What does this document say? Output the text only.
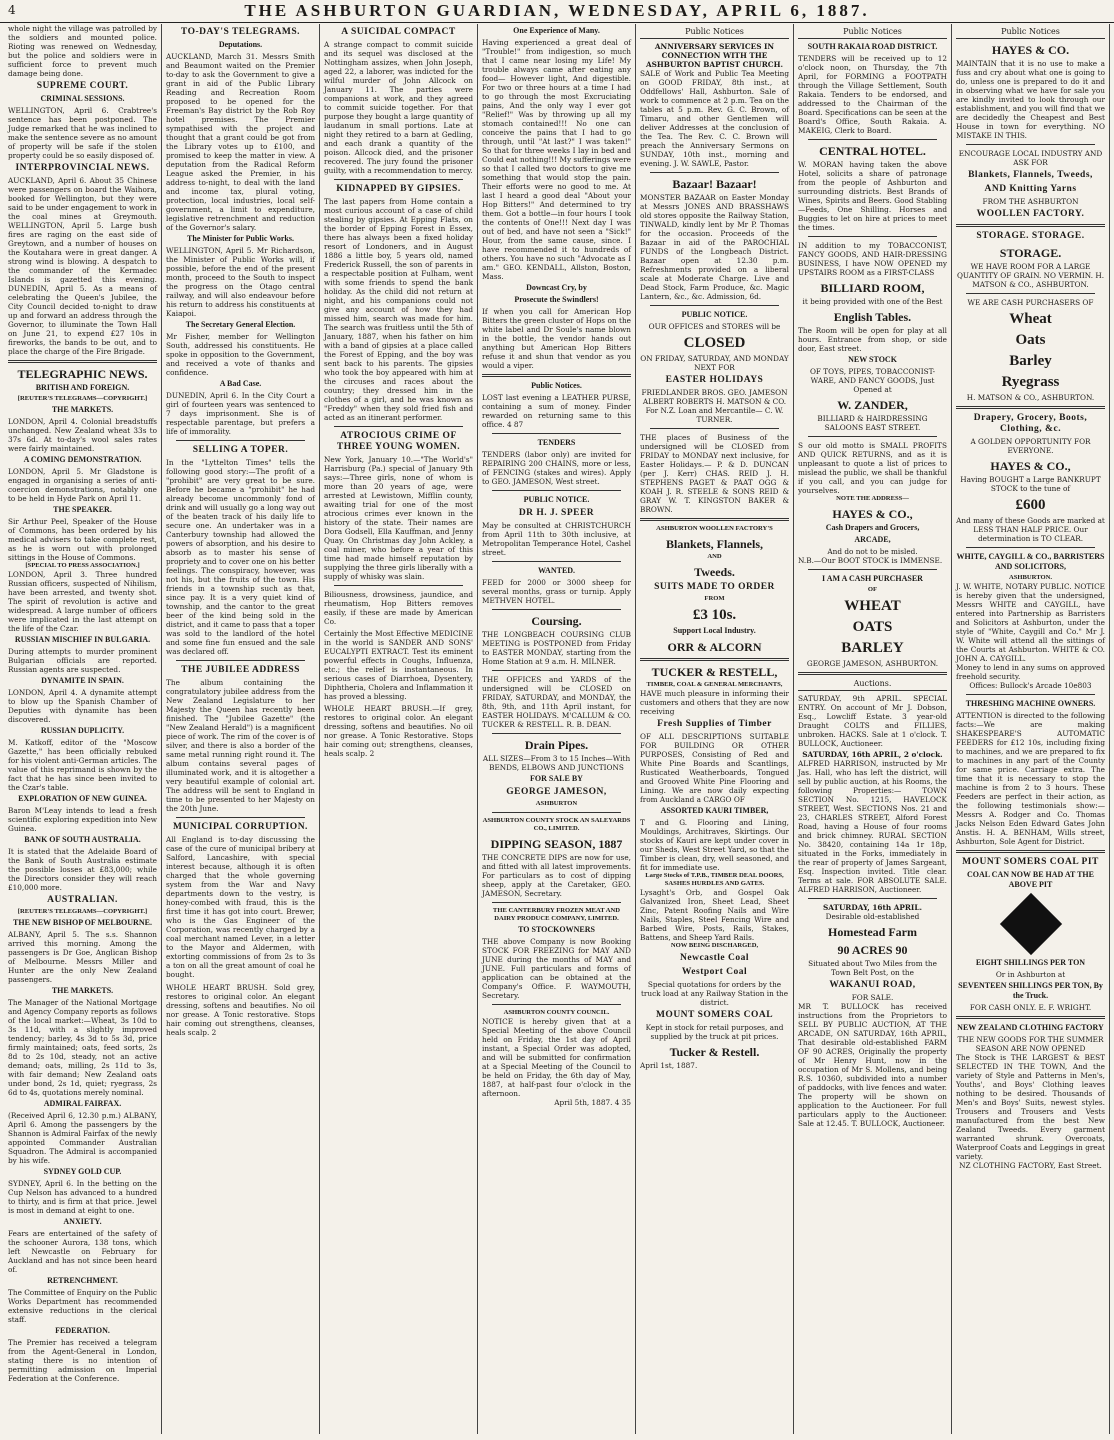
4	THE ASHBURTON GUARDIAN, WEDNESDAY, APRIL 6, 1887.

whole night the village was patrolled by the soldiers and mounted police. Rioting was renewed on Wednesday, but the police and soldiers were in sufficient force to prevent much damage being done.

SUPREME COURT.
CRIMINAL SESSIONS.

WELLINGTON, April 6. Crabtree's sentence has been postponed. The Judge remarked that he was inclined to make the sentence severe as no amount of property will be safe if the stolen property could be so easily disposed of.

INTERPROVINCIAL NEWS.

AUCKLAND, April 6. About 35 Chinese were passengers on board the Waihora, booked for Wellington, but they were said to be under engagement to work in the coal mines at Greymouth. WELLINGTON, April 5. Large bush fires are raging on the east side of Greytown, and a number of houses on the Koutahara were in great danger. A strong wind is blowing. A despatch to the commander of the Kermadec Islands is gazetted this evening. DUNEDIN, April 5. As a means of celebrating the Queen's Jubilee, the City Council decided to-night to draw up and forward an address through the Governor, to illuminate the Town Hall on June 21, to expend £27 10s in fireworks, the bands to be out, and to place the charge of the Fire Brigade.

TELEGRAPHIC NEWS.
BRITISH AND FOREIGN.
[REUTER'S TELEGRAMS—COPYRIGHT.]
THE MARKETS.

LONDON, April 4. Colonial breadstuffs unchanged. New Zealand wheat 33s to 37s 6d. At to-day's wool sales rates were fairly maintained.

A COMING DEMONSTRATION.

LONDON, April 5. Mr Gladstone is engaged in organising a series of anti-coercion demonstrations, notably one to be held in Hyde Park on April 11.

THE SPEAKER.

Sir Arthur Peel, Speaker of the House of Commons, has been ordered by his medical advisers to take complete rest, as he is worn out with prolonged sittings in the House of Commons.

[SPECIAL TO PRESS ASSOCIATION.]

LONDON, April 3. Three hundred Russian officers, suspected of Nihilism, have been arrested, and twenty shot. The spirit of revolution is active and widespread. A large number of officers were implicated in the last attempt on the life of the Czar.

RUSSIAN MISCHIEF IN BULGARIA.

During attempts to murder prominent Bulgarian officials are reported. Russian agents are suspected.

DYNAMITE IN SPAIN.

LONDON, April 4. A dynamite attempt to blow up the Spanish Chamber of Deputies with dynamite has been discovered.

RUSSIAN DUPLICITY.

M. Katkoff, editor of the "Moscow Gazette," has been officially rebuked for his violent anti-German articles. The value of this reprimand is shown by the fact that he has since been invited to the Czar's table.

EXPLORATION OF NEW GUINEA.

Baron M'Leay intends to lead a fresh scientific exploring expedition into New Guinea.

BANK OF SOUTH AUSTRALIA.

It is stated that the Adelaide Board of the Bank of South Australia estimate the possible losses at £83,000; while the Directors consider they will reach £10,000 more.

AUSTRALIAN.
[REUTER'S TELEGRAMS—COPYRIGHT.]
THE NEW BISHOP OF MELBOURNE.

ALBANY, April 5. The s.s. Shannon arrived this morning. Among the passengers is Dr Goe, Anglican Bishop of Melbourne. Messrs Miller and Hunter are the only New Zealand passengers.

THE MARKETS.

The Manager of the National Mortgage and Agency Company reports as follows of the local market:—Wheat, 3s 10d to 3s 11d, with a slightly improved tendency; barley, 4s 3d to 5s 3d, price firmly maintained; oats, feed sorts, 2s 8d to 2s 10d, steady, not an active demand; oats, milling, 2s 11d to 3s, with fair demand; New Zealand oats under bond, 2s 1d, quiet; ryegrass, 2s 6d to 4s, quotations merely nominal.

ADMIRAL FAIRFAX.

(Received April 6, 12.30 p.m.) ALBANY, April 6. Among the passengers by the Shannon is Admiral Fairfax of the newly appointed Commander Australian Squadron. The Admiral is accompanied by his wife.

SYDNEY GOLD CUP.

SYDNEY, April 6. In the betting on the Cup Nelson has advanced to a hundred to thirty, and is firm at that price. Jewel is most in demand at eight to one.

ANXIETY.

Fears are entertained of the safety of the schooner Aurora, 138 tons, which left Newcastle on February for Auckland and has not since been heard of.

RETRENCHMENT.

The Committee of Enquiry on the Public Works Department has recommended extensive reductions in the clerical staff.

FEDERATION.

The Premier has received a telegram from the Agent-General in London, stating there is no intention of permitting admission on Imperial Federation at the Conference.

TO-DAY'S TELEGRAMS.
Deputations.

AUCKLAND, March 31. Messrs Smith and Beaumont waited on the Premier to-day to ask the Government to give a grant in aid of the Public Library Reading and Recreation Room proposed to be opened for the Freeman's Bay district by the Rob Roy hotel premises. The Premier sympathised with the project and thought that a grant could be got from the Library votes up to £100, and promised to keep the matter in view. A deputation from the Radical Reform League asked the Premier, in his address to-night, to deal with the land and income tax, plural voting, protection, local industries, local self-government, a limit to expenditure, legislative retrenchment and reduction of the Governor's salary.

The Minister for Public Works.

WELLINGTON, April 5. Mr Richardson, the Minister of Public Works will, if possible, before the end of the present month, proceed to the South to inspect the progress on the Otago central railway, and will also endeavour before his return to address his constituents at Kaiapoi.

The Secretary General Election.

Mr Fisher, member for Wellington South, addressed his constituents. He spoke in opposition to the Government, and received a vote of thanks and confidence.

A Bad Case.

DUNEDIN, April 6. In the City Court a girl of fourteen years was sentenced to 7 days imprisonment. She is of respectable parentage, but prefers a life of immorality.

SELLING A TOPER.

In the "Lyttelton Times" tells the following good story:—The profit of a "prohibit" are very great to be sure. Before he became a "prohibit" he had already become uncommonly fond of drink and will usually go a long way out of the beaten track of his daily life to secure one. An undertaker was in a Canterbury township had allowed the powers of absorption, and his desire to absorb as to master his sense of propriety and to cover one on his better feelings. The conspiracy, however, was not his, but the fruits of the town. His friends in a township such as that, since pay. It is a very quiet kind of township, and the cantor to the great beer of the kind being sold in the district, and it came to pass that a toper was sold to the landlord of the hotel and some fine fun ensued and the sale was declared off.

THE JUBILEE ADDRESS

The album containing the congratulatory jubilee address from the New Zealand Legislature to her Majesty the Queen has recently been finished. The "Jubilee Gazette" (the "New Zealand Herald") is a magnificent piece of work. The rim of the cover is of silver, and there is also a border of the same metal running right round it. The album contains several pages of illuminated work, and it is altogether a very beautiful example of colonial art. The address will be sent to England in time to be presented to her Majesty on the 20th June.

MUNICIPAL CORRUPTION.

All England is to-day discussing the case of the cure of municipal bribery at Salford, Lancashire, with special interest because, although it is often charged that the whole governing system from the War and Navy departments down to the vestry, is honey-combed with fraud, this is the first time it has got into court. Brewer, who is the Gas Engineer of the Corporation, was recently charged by a coal merchant named Lever, in a letter to the Mayor and Aldermen, with extorting commissions of from 2s to 3s a ton on all the great amount of coal he bought.

WHOLE HEART BRUSH. Sold grey, restores to original color. An elegant dressing, softens and beautifies. No oil nor grease. A Tonic restorative. Stops hair coming out strengthens, cleanses, heals scalp. 2

A SUICIDAL COMPACT

A strange compact to commit suicide and its sequel was disclosed at the Nottingham assizes, when John Joseph, aged 22, a laborer, was indicted for the wilful murder of John Allcock on January 11. The parties were companions at work, and they agreed to commit suicide together. For that purpose they bought a large quantity of laudanum in small portions. Late at night they retired to a barn at Gedling, and each drank a quantity of the poison. Allcock died, and the prisoner recovered. The jury found the prisoner guilty, with a recommendation to mercy.

KIDNAPPED BY GIPSIES.

The last papers from Home contain a most curious account of a case of child stealing by gipsies. At Epping Flats, on the border of Epping Forest in Essex, there has always been a fixed holiday resort of Londoners, and in August 1886 a little boy, 5 years old, named Frederick Russell, the son of parents in a respectable position at Fulham, went with some friends to spend the bank holiday. As the child did not return at night, and his companions could not give any account of how they had missed him, search was made for him. The search was fruitless until the 5th of January, 1887, when his father on him with a band of gipsies at a place called the Forest of Epping, and the boy was sent back to his parents. The gipsies who took the boy appeared with him at the circuses and races about the country; they dressed him in the clothes of a girl, and he was known as "Freddy" when they sold fried fish and acted as an itinerant performer.

ATROCIOUS CRIME OF THREE YOUNG WOMEN.

New York, January 10.—"The World's" Harrisburg (Pa.) special of January 9th says:—Three girls, none of whom is more than 20 years of age, were arrested at Lewistown, Mifflin county, awaiting trial for one of the most atrocious crimes ever known in the history of the state. Their names are Dora Godsell, Ella Kauffman, and Jenny Quay. On Christmas day John Ackley, a coal miner, who before a year of this time had made himself reputation by supplying the three girls liberally with a supply of whisky was slain.

Biliousness, drowsiness, jaundice, and rheumatism, Hop Bitters removes easily, if these are made by American Co.

Certainly the Most Effective MEDICINE in the world is SANDER AND SONS' EUCALYPTI EXTRACT. Test its eminent powerful effects in Coughs, Influenza, etc.; the relief is instantaneous. In serious cases of Diarrhoea, Dysentery, Diphtheria, Cholera and Inflammation it has proved a blessing.

WHOLE HEART BRUSH.—If grey, restores to original color. An elegant dressing, softens and beautifies. No oil nor grease. A Tonic Restorative. Stops hair coming out; strengthens, cleanses, heals scalp. 2

One Experience of Many.

Having experienced a great deal of "Trouble!" from indigestion, so much that I came near losing my Life! My trouble always came after eating any food— However light, And digestible. For two or three hours at a time I had to go through the most Excruciating pains, And the only way I ever got "Relief!" Was by throwing up all my stomach contained!!! No one can conceive the pains that I had to go through, until "At last?" I was taken!" So that for three weeks I lay in bed and Could eat nothing!!! My sufferings were so that I called two doctors to give me something that would stop the pain. Their efforts were no good to me. At last I heard a good deal "About your Hop Bitters!" And determined to try them. Got a bottle—in four hours I took the contents of One!!! Next day I was out of bed, and have not seen a "Sick!" Hour, from the same cause, since. I have recommended it to hundreds of others. You have no such "Advocate as I am." GEO. KENDALL, Allston, Boston, Mass.

Downcast Cry, by
Prosecute the Swindlers!

If when you call for American Hop Bitters the green cluster of Hops on the white label and Dr Soule's name blown in the bottle, the vendor hands out anything but American Hop Bitters refuse it and shun that vendor as you would a viper.

Public Notices.

LOST last evening a LEATHER PURSE, containing a sum of money. Finder rewarded on returning same to this office. 4 87

TENDERS

TENDERS (labor only) are invited for REPAIRING 200 CHAINS, more or less, of FENCING (stakes and wires). Apply to GEO. JAMESON, West street.

PUBLIC NOTICE.
DR H. J. SPEER

May be consulted at CHRISTCHURCH from April 11th to 30th inclusive, at Metropolitan Temperance Hotel, Cashel street.

WANTED.

FEED for 2000 or 3000 sheep for several months, grass or turnip. Apply METHVEN HOTEL.

Coursing.

THE LONGBEACH COURSING CLUB MEETING is POSTPONED from Friday to EASTER MONDAY, starting from the Home Station at 9 a.m. H. MILNER.

THE OFFICES and YARDS of the undersigned will be CLOSED on FRIDAY, SATURDAY, and MONDAY, the 8th, 9th, and 11th April instant, for EASTER HOLIDAYS. M'CALLUM & CO. TUCKER & RESTELL. R. B. DEAN.

Drain Pipes.

ALL SIZES—From 3 to 15 Inches—With BENDS, ELBOWS AND JUNCTIONS

FOR SALE BY
GEORGE JAMESON,
ASHBURTON
ASHBURTON COUNTY STOCK AN SALEYARDS CO., LIMITED.
DIPPING SEASON, 1887

THE CONCRETE DIPS are now for use, and fitted with all latest improvements. For particulars as to cost of dipping sheep, apply at the Caretaker, GEO. JAMESON, Secretary.

THE CANTERBURY FROZEN MEAT AND DAIRY PRODUCE COMPANY, LIMITED.
TO STOCKOWNERS

THE above Company is now Booking STOCK FOR FREEZING for MAY AND JUNE during the months of MAY and JUNE. Full particulars and forms of application can be obtained at the Company's Office. F. WAYMOUTH, Secretary.

ASHBURTON COUNTY COUNCIL.

NOTICE is hereby given that at a Special Meeting of the above Council held on Friday, the 1st day of April instant, a Special Order was adopted, and will be submitted for confirmation at a Special Meeting of the Council to be held on Friday, the 6th day of May, 1887, at half-past four o'clock in the afternoon.

April 5th, 1887. 4 35

Public Notices

ANNIVERSARY SERVICES IN CONNECTION WITH THE ASHBURTON BAPTIST CHURCH.

SALE of Work and Public Tea Meeting on GOOD FRIDAY, 8th inst., at Oddfellows' Hall, Ashburton. Sale of work to commence at 2 p.m. Tea on the tables at 5 p.m. Rev. G. C. Brown, of Timaru, and other Gentlemen will deliver Addresses at the conclusion of the Tea. The Rev. C. C. Brown will preach the Anniversary Sermons on SUNDAY, 10th inst., morning and evening. J. W. SAWLE, Pastor.

Bazaar! Bazaar!

MONSTER BAZAAR on Easter Monday at Messrs JONES AND BRASSHAWS old stores opposite the Railway Station, TINWALD, kindly lent by Mr P. Thomas for the occasion. Proceeds of the Bazaar in aid of the PAROCHIAL FUNDS of the Longbeach District. Bazaar open at 12.30 p.m. Refreshments provided on a liberal scale at Moderate Charge. Live and Dead Stock, Farm Produce, &c. Magic Lantern, &c., &c. Admission, 6d.

PUBLIC NOTICE.

OUR OFFICES and STORES will be

CLOSED

ON FRIDAY, SATURDAY, AND MONDAY NEXT FOR

EASTER HOLIDAYS

FRIEDLANDER BROS. GEO. JAMESON ALBERT ROBERTS H. MATSON & CO. For N.Z. Loan and Mercantile— C. W. TURNER.

THE places of Business of the undersigned will be CLOSED from FRIDAY to MONDAY next inclusive, for Easter Holidays.— P. & D. DUNCAN (per J. Kerr) CHAS. REID J. H. STEPHENS PAGET & PAAT OGG & KOAH J. R. STEELE & SONS REID & GRAY W. T. KINGSTON BAKER & BROWN.

ASHBURTON WOOLLEN FACTORY'S
Blankets, Flannels,
AND
Tweeds.
SUITS MADE TO ORDER
FROM
£3 10s.
Support Local Industry.
ORR & ALCORN
TUCKER & RESTELL,
TIMBER, COAL & GENERAL MERCHANTS,

HAVE much pleasure in informing their customers and others that they are now receiving

Fresh Supplies of Timber

OF ALL DESCRIPTIONS SUITABLE FOR BUILDING OR OTHER PURPOSES, Consisting of Red and White Pine Boards and Scantlings, Rusticated Weatherboards, Tongued and Grooved White Pine Flooring and Lining. We are now daily expecting from Auckland a CARGO OF

ASSORTED KAURI TIMBER,

T and G. Flooring and Lining, Mouldings, Architraves, Skirtings. Our stocks of Kauri are kept under cover in our Sheds, West Street Yard, so that the Timber is clean, dry, well seasoned, and fit for immediate use.

Large Stocks of T.P.B., TIMBER DEAL DOORS, SASHES HURDLES AND GATES.

Lysaght's Orb, and Gospel Oak Galvanized Iron, Sheet Lead, Sheet Zinc, Patent Roofing Nails and Wire Nails, Staples, Steel Fencing Wire and Barbed Wire, Posts, Rails, Stakes, Battens, and Sheep Yard Rails.

NOW BEING DISCHARGED,
Newcastle Coal
Westport Coal

Special quotations for orders by the truck load at any Railway Station in the district.

MOUNT SOMERS COAL

Kept in stock for retail purposes, and supplied by the truck at pit prices.

Tucker & Restell.

April 1st, 1887.

Public Notices
SOUTH RAKAIA ROAD DISTRICT.

TENDERS will be received up to 12 o'clock noon, on Thursday, the 7th April, for FORMING a FOOTPATH through the Village Settlement, South Rakaia. Tenders to be endorsed, and addressed to the Chairman of the Board. Specifications can be seen at the Board's Office, South Rakaia. A. MAKEIG, Clerk to Board.

CENTRAL HOTEL.

W. MORAN having taken the above Hotel, solicits a share of patronage from the people of Ashburton and surrounding districts. Best Brands of Wines, Spirits and Beers. Good Stabling—Feeds, One Shilling. Horses and Buggies to let on hire at prices to meet the times.

IN addition to my TOBACCONIST, FANCY GOODS, AND HAIR-DRESSING BUSINESS, I have NOW OPENED my UPSTAIRS ROOM as a FIRST-CLASS

BILLIARD ROOM,

it being provided with one of the Best

English Tables.

The Room will be open for play at all hours. Entrance from shop, or side door, East street.

NEW STOCK

OF TOYS, PIPES, TOBACCONIST-WARE, AND FANCY GOODS, Just Opened at

W. ZANDER,

BILLIARD & HAIRDRESSING SALOONS EAST STREET.

S our old motto is SMALL PROFITS AND QUICK RETURNS, and as it is unpleasant to quote a list of prices to mislead the public, we shall be thankful if you call, and you can judge for yourselves.

NOTE THE ADDRESS—
HAYES & CO.,
Cash Drapers and Grocers,
ARCADE,

And do not to be misled.

N.B.—Our BOOT STOCK is IMMENSE.

I AM A CASH PURCHASER
OF
WHEAT
OATS
BARLEY

GEORGE JAMESON, ASHBURTON.

Auctions.

SATURDAY, 9th APRIL. SPECIAL ENTRY. On account of Mr J. Dobson, Esq., Lowcliff Estate. 3 year-old Draught COLTS and FILLIES, unbroken. HACKS. Sale at 1 o'clock. T. BULLOCK, Auctioneer.

SATURDAY, 16th APRIL, 2 o'clock.

ALFRED HARRISON, instructed by Mr Jas. Hall, who has left the district, will sell by public auction, at his Rooms, the following Properties:— TOWN SECTION No. 1215, HAVELOCK STREET, West. SECTIONS Nos. 21 and 23, CHARLES STREET, Alford Forest Road, having a House of four rooms and brick chimney. RURAL SECTION No. 38420, containing 14a 1r 18p, situated in the Forks, immediately in the rear of property of James Sargeant, Esq. Inspection invited. Title clear. Terms at sale. FOR ABSOLUTE SALE. ALFRED HARRISON, Auctioneer.

SATURDAY, 16th APRIL.

Desirable old-established

Homestead Farm
90 ACRES 90

Situated about Two Miles from the Town Belt Post, on the

WAKANUI ROAD,

FOR SALE.

MR T. BULLOCK has received instructions from the Proprietors to SELL BY PUBLIC AUCTION, AT THE ARCADE, ON SATURDAY, 16th APRIL, That desirable old-established FARM OF 90 ACRES, Originally the property of Mr Henry Hunt, now in the occupation of Mr S. Mollens, and being R.S. 10360, subdivided into a number of paddocks, with live fences and water. The property will be shown on application to the Auctioneer. For full particulars apply to the Auctioneer. Sale at 12.45. T. BULLOCK, Auctioneer.

Public Notices
HAYES & CO.

MAINTAIN that it is no use to make a fuss and cry about what one is going to do, unless one is prepared to do it and in observing what we have for sale you are kindly invited to look through our establishment, and you will find that we are decidedly the Cheapest and Best House in town for everything. NO MISTAKE IN THIS.

ENCOURAGE LOCAL INDUSTRY AND ASK FOR

Blankets, Flannels, Tweeds,
AND Knitting Yarns

FROM THE ASHBURTON

WOOLLEN FACTORY.
STORAGE. STORAGE.
STORAGE.

WE HAVE ROOM FOR A LARGE QUANTITY OF GRAIN. NO VERMIN. H. MATSON & CO., ASHBURTON.

WE ARE CASH PURCHASERS OF

Wheat
Oats
Barley
Ryegrass

H. MATSON & CO., ASHBURTON.

Drapery, Grocery, Boots, Clothing, &c.

A GOLDEN OPPORTUNITY FOR EVERYONE.

HAYES & CO.,

Having BOUGHT a Large BANKRUPT STOCK to the tune of

£600

And many of these Goods are marked at LESS THAN HALF PRICE. Our determination is TO CLEAR.

WHITE, CAYGILL & CO., BARRISTERS AND SOLICITORS,
ASHBURTON.

J. W. WHITE, NOTARY PUBLIC. NOTICE is hereby given that the undersigned, Messrs WHITE and CAYGILL, have entered into Partnership as Barristers and Solicitors at Ashburton, under the style of "White, Caygill and Co." Mr J. W. White will attend all the sittings of the Courts at Ashburton. WHITE & CO. JOHN A. CAYGILL.

Money to lend in any sums on approved freehold security.

Offices: Bullock's Arcade 10e803

THRESHING MACHINE OWNERS.

ATTENTION is directed to the following facts:—We are making SHAKESPEARE'S AUTOMATIC FEEDERS for £12 10s, including fixing to machines, and we are prepared to fix to machines in any part of the County for same price. Carriage extra. The time that it is necessary to stop the machine is from 2 to 3 hours. These Feeders are perfect in their action, as the following testimonials show:— Messrs A. Rodger and Co. Thomas Jacks Nelson Eden Edward Gates John Anstis. H. A. BENHAM, Wills street, Ashburton, Sole Agent for District.

MOUNT SOMERS COAL PIT
COAL CAN NOW BE HAD AT THE ABOVE PIT
EIGHT SHILLINGS PER TON

Or in Ashburton at

SEVENTEEN SHILLINGS PER TON, By the Truck.

FOR CASH ONLY. E. F. WRIGHT.

NEW ZEALAND CLOTHING FACTORY

THE NEW GOODS FOR THE SUMMER SEASON ARE NOW OPENED

The Stock is THE LARGEST & BEST SELECTED IN THE TOWN, And the variety of Style and Patterns in Men's, Youths', and Boys' Clothing leaves nothing to be desired. Thousands of Men's and Boys' Suits, newest styles. Trousers and Trousers and Vests manufactured from the best New Zealand Tweeds. Every garment warranted shrunk. Overcoats, Waterproof Coats and Leggings in great variety.

NZ CLOTHING FACTORY, East Street.
